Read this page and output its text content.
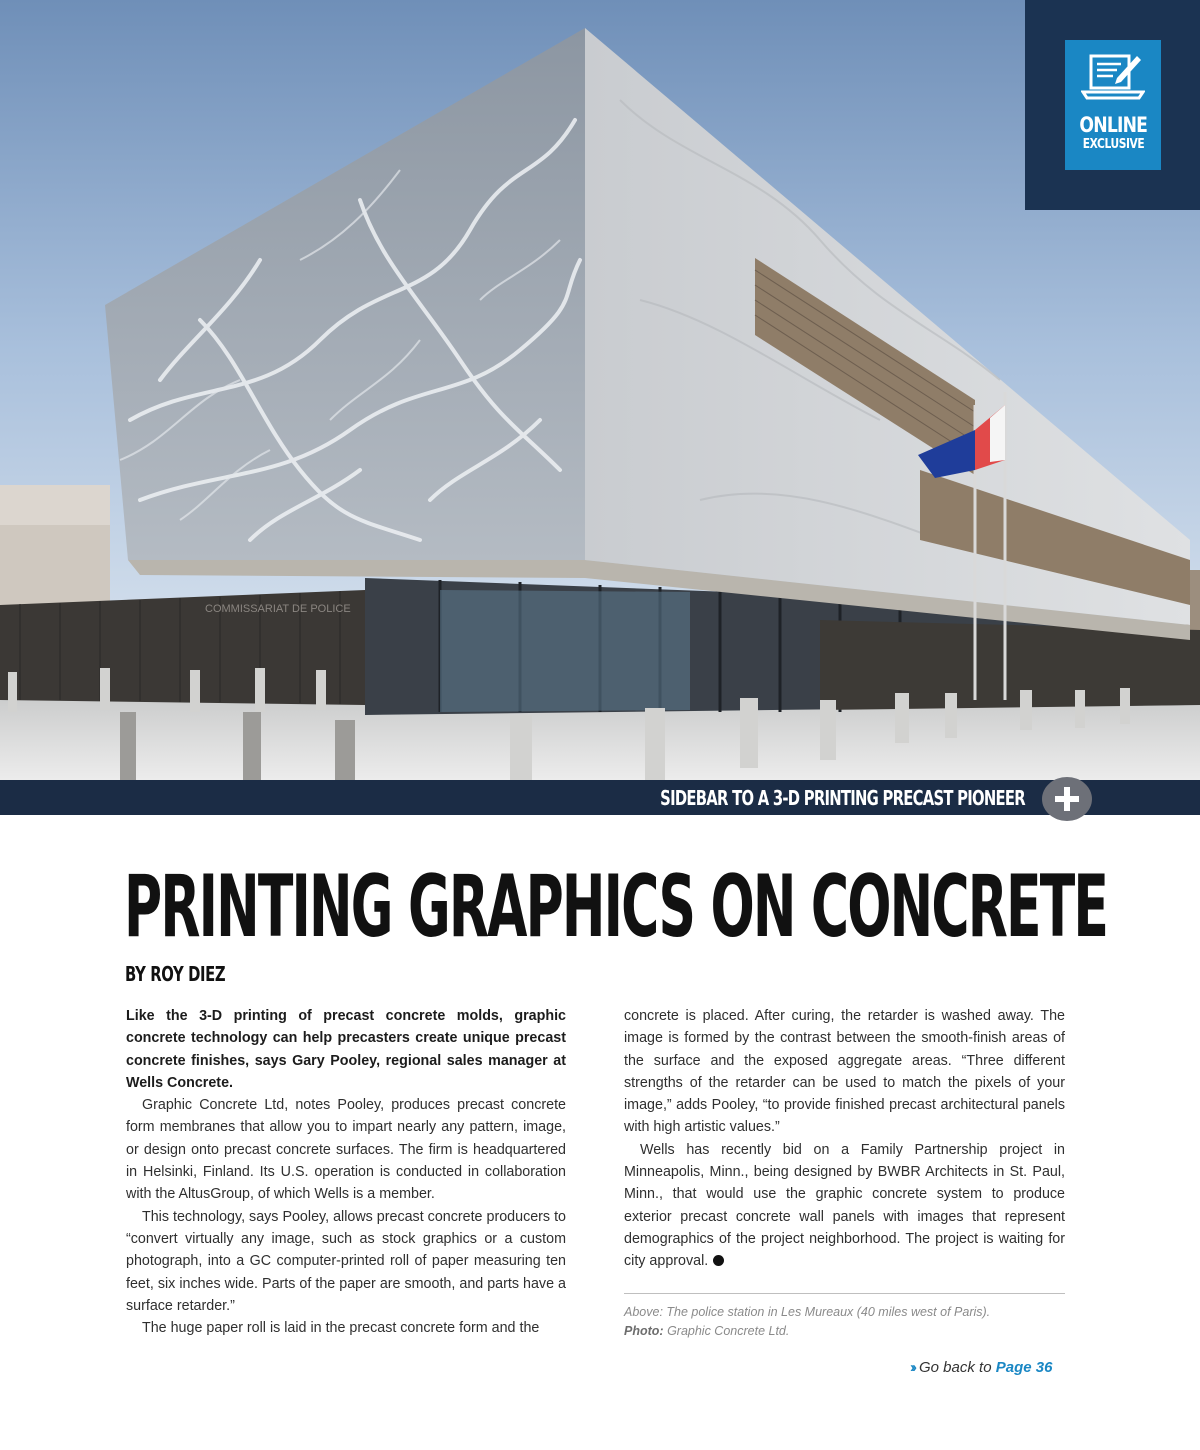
COMMISSARIAT DE POLICE
ONLINE
EXCLUSIVE
SIDEBAR TO A 3-D PRINTING PRECAST PIONEER
PRINTING GRAPHICS ON CONCRETE
BY ROY DIEZ

Like the 3-D printing of precast concrete molds, graphic concrete technology can help precasters create unique precast concrete finishes, says Gary Pooley, regional sales manager at Wells Concrete.

Graphic Concrete Ltd, notes Pooley, produces precast concrete form membranes that allow you to impart nearly any pattern, image, or design onto precast concrete surfaces. The firm is headquartered in Helsinki, Finland. Its U.S. operation is conducted in collaboration with the AltusGroup, of which Wells is a member.

This technology, says Pooley, allows precast concrete producers to “convert virtually any image, such as stock graphics or a custom photograph, into a GC computer-printed roll of paper measuring ten feet, six inches wide. Parts of the paper are smooth, and parts have a surface retarder.”

The huge paper roll is laid in the precast concrete form and the

concrete is placed. After curing, the retarder is washed away. The image is formed by the contrast between the smooth-finish areas of the surface and the exposed aggregate areas. “Three different strengths of the retarder can be used to match the pixels of your image,” adds Pooley, “to provide finished precast architectural panels with high artistic values.”

Wells has recently bid on a Family Partnership project in Minneapolis, Minn., being designed by BWBR Architects in St. Paul, Minn., that would use the graphic concrete system to produce exterior precast concrete wall panels with images that represent demographics of the project neighborhood. The project is waiting for city approval.

Above: The police station in Les Mureaux (40 miles west of Paris).
Photo: Graphic Concrete Ltd.
›› Go back to Page 36
